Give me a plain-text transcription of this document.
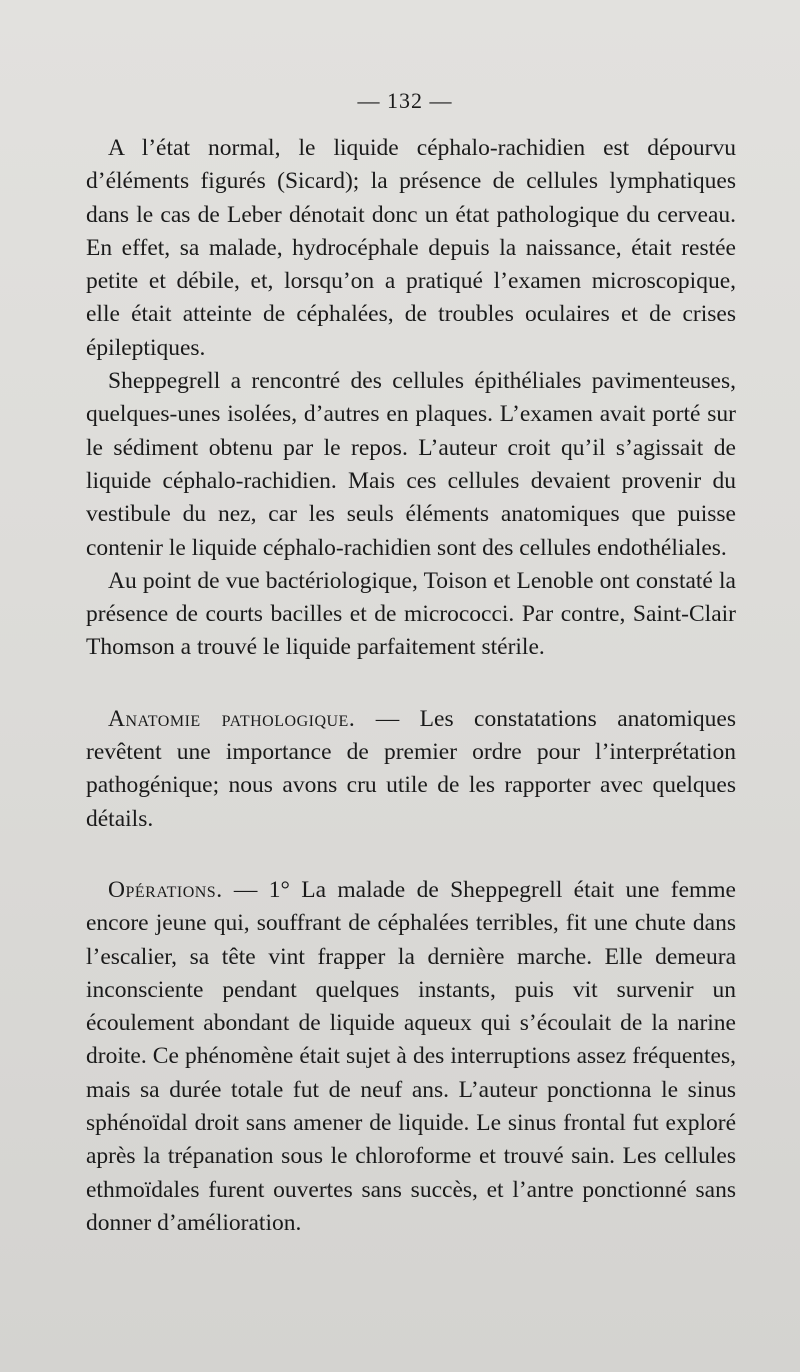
— 132 —

A l’état normal, le liquide céphalo-rachidien est dépourvu d’éléments figurés (Sicard); la présence de cellules lymphatiques dans le cas de Leber dénotait donc un état pathologique du cerveau. En effet, sa malade, hydrocéphale depuis la naissance, était restée petite et débile, et, lorsqu’on a pratiqué l’examen microscopique, elle était atteinte de céphalées, de troubles oculaires et de crises épileptiques.

Sheppegrell a rencontré des cellules épithéliales pavimenteuses, quelques-unes isolées, d’autres en plaques. L’examen avait porté sur le sédiment obtenu par le repos. L’auteur croit qu’il s’agissait de liquide céphalo-rachidien. Mais ces cellules devaient provenir du vestibule du nez, car les seuls éléments anatomiques que puisse contenir le liquide céphalo-rachidien sont des cellules endothéliales.

Au point de vue bactériologique, Toison et Lenoble ont constaté la présence de courts bacilles et de micrococci. Par contre, Saint-Clair Thomson a trouvé le liquide parfaitement stérile.

Anatomie pathologique. — Les constatations anatomiques revêtent une importance de premier ordre pour l’interprétation pathogénique; nous avons cru utile de les rapporter avec quelques détails.

Opérations. — 1° La malade de Sheppegrell était une femme encore jeune qui, souffrant de céphalées terribles, fit une chute dans l’escalier, sa tête vint frapper la dernière marche. Elle demeura inconsciente pendant quelques instants, puis vit survenir un écoulement abondant de liquide aqueux qui s’écoulait de la narine droite. Ce phénomène était sujet à des interruptions assez fréquentes, mais sa durée totale fut de neuf ans. L’auteur ponctionna le sinus sphénoïdal droit sans amener de liquide. Le sinus frontal fut exploré après la trépanation sous le chloroforme et trouvé sain. Les cellules ethmoïdales furent ouvertes sans succès, et l’antre ponctionné sans donner d’amélioration.
